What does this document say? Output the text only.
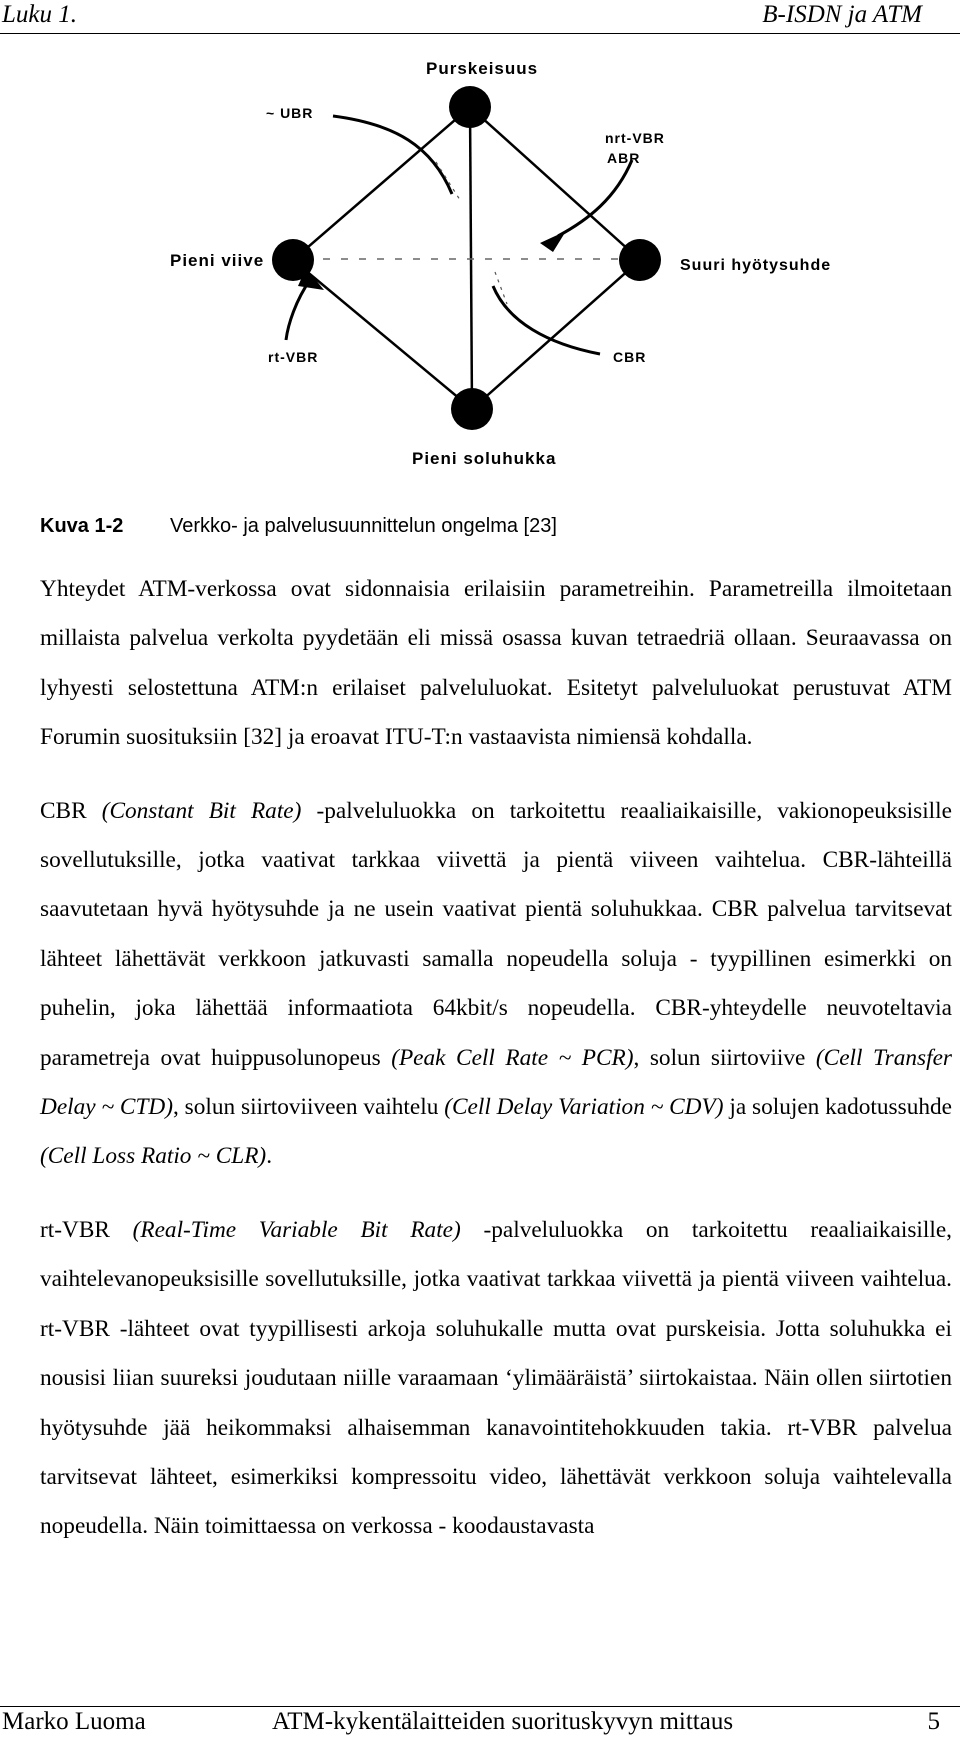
Luku 1.	B-ISDN ja ATM
Purskeisuus
~ UBR
nrt-VBR
ABR
Pieni viive	Suuri hyötysuhde
rt-VBR	CBR
Pieni soluhukka
Kuva 1-2 Verkko- ja palvelusuunnittelun ongelma [23]

Yhteydet ATM-verkossa ovat sidonnaisia erilaisiin parametreihin. Parametreilla ilmoitetaan millaista palvelua verkolta pyydetään eli missä osassa kuvan tetraedriä ollaan. Seuraavassa on lyhyesti selostettuna ATM:n erilaiset palveluluokat. Esitetyt palveluluokat perustuvat ATM Forumin suosituksiin [32] ja eroavat ITU-T:n vastaavista nimiensä kohdalla.

CBR (Constant Bit Rate) -palveluluokka on tarkoitettu reaaliaikaisille, vakionopeuksisille sovellutuksille, jotka vaativat tarkkaa viivettä ja pientä viiveen vaihtelua. CBR-lähteillä saavutetaan hyvä hyötysuhde ja ne usein vaativat pientä soluhukkaa. CBR palvelua tarvitsevat lähteet lähettävät verkkoon jatkuvasti samalla nopeudella soluja - tyypillinen esimerkki on puhelin, joka lähettää informaatiota 64kbit/s nopeudella. CBR-yhteydelle neuvoteltavia parametreja ovat huippusolunopeus (Peak Cell Rate ~ PCR), solun siirtoviive (Cell Transfer Delay ~ CTD), solun siirtoviiveen vaihtelu (Cell Delay Variation ~ CDV) ja solujen kadotussuhde (Cell Loss Ratio ~ CLR).

rt-VBR (Real-Time Variable Bit Rate) -palveluluokka on tarkoitettu reaaliaikaisille, vaihtelevanopeuksisille sovellutuksille, jotka vaativat tarkkaa viivettä ja pientä viiveen vaihtelua. rt-VBR -lähteet ovat tyypillisesti arkoja soluhukalle mutta ovat purskeisia. Jotta soluhukka ei nousisi liian suureksi joudutaan niille varaamaan ‘ylimääräistä’ siirtokaistaa. Näin ollen siirtotien hyötysuhde jää heikommaksi alhaisemman kanavointitehokkuuden takia. rt-VBR palvelua tarvitsevat lähteet, esimerkiksi kompressoitu video, lähettävät verkkoon soluja vaihtelevalla nopeudella. Näin toimittaessa on verkossa - koodaustavasta

Marko Luoma	ATM-kykentälaitteiden suorituskyvyn mittaus	5
